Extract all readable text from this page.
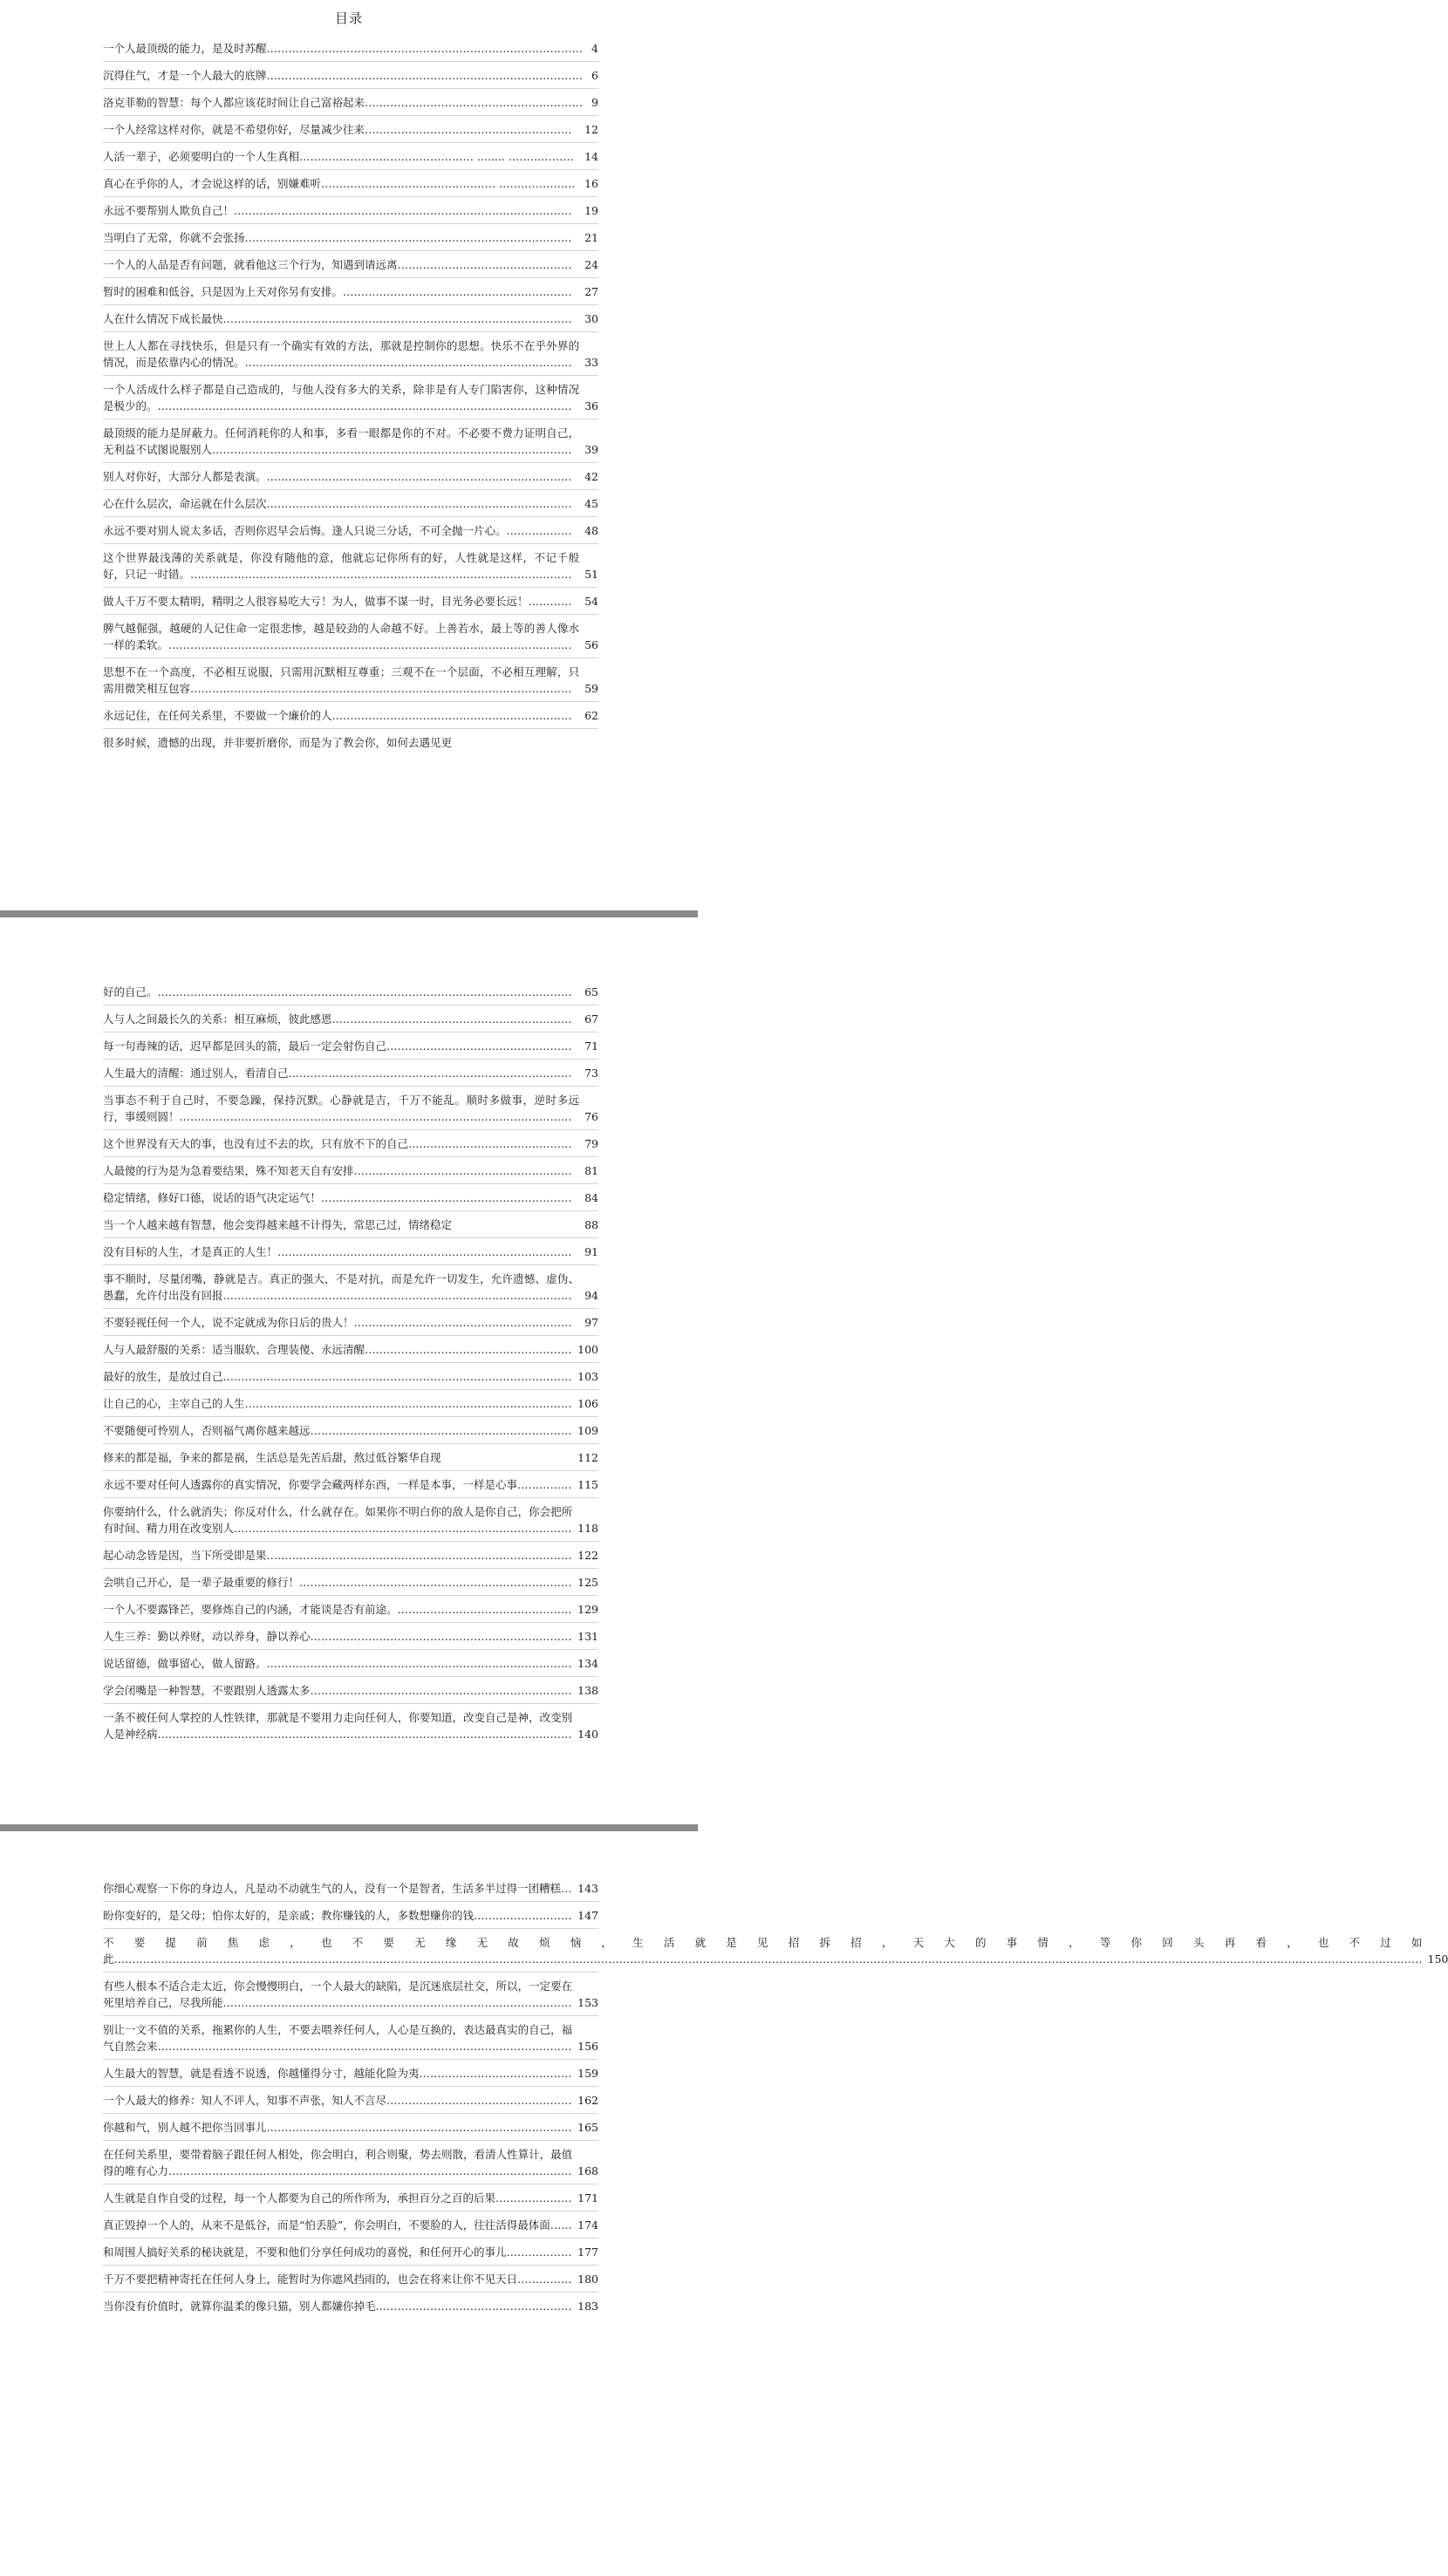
目录
一个人最顶级的能力，是及时苏醒…………………………………………………………………………… 4
沉得住气，才是一个人最大的底牌…………………………………………………………………………… 6
洛克菲勒的智慧：每个人都应该花时间让自己富裕起来…………………………………………………… 9
一个人经常这样对你，就是不希望你好，尽量减少往来…………………………………………………	12
人活一辈子，必须要明白的一个人生真相………………………………………… ........ ……………… 14
真心在乎你的人，才会说这样的话，别嫌难听………………………………………… ………………… 16
永远不要帮别人欺负自己！…………………………………………………………………………………	19
当明白了无常，你就不会张扬………………………………………………………………………………	21
一个人的人品是否有问题，就看他这三个行为，知遇到请远离…………………………………………	24
暂时的困难和低谷，只是因为上天对你另有安排。………………………………………………………	27
人在什么情况下成长最快……………………………………………………………………………………	30
世上人人都在寻找快乐，但是只有一个确实有效的方法，那就是控制你的思想。快乐不在乎外界的情况，而是依靠内心的情况。………………………………………………………………………………	33
一个人活成什么样子都是自己造成的，与他人没有多大的关系，除非是有人专门陷害你，这种情况是极少的。……………………………………………………………………………………………………	36
最顶级的能力是屏蔽力。任何消耗你的人和事，多看一眼都是你的不对。不必要不费力证明自己，无利益不试图说服别人………………………………………………………………………………………	39
别人对你好，大部分人都是表演。…………………………………………………………………………	42
心在什么层次，命运就在什么层次…………………………………………………………………………	45
永远不要对别人说太多话，否则你迟早会后悔。逢人只说三分话，不可全抛一片心。………………	48
这个世界最浅薄的关系就是，你没有随他的意，他就忘记你所有的好，人性就是这样，不记千般好，只记一时错。……………………………………………………………………………………………	51
做人千万不要太精明，精明之人很容易吃大亏！为人，做事不谋一时，目光务必要长远！…………	54
脾气越倔强，越硬的人记住命一定很悲惨，越是较劲的人命越不好。上善若水，最上等的善人像水一样的柔软。…………………………………………………………………………………………………	56
思想不在一个高度，不必相互说服，只需用沉默相互尊重；三观不在一个层面，不必相互理解，只需用微笑相互包容……………………………………………………………………………………………	59
永远记住，在任何关系里，不要做一个廉价的人…………………………………………………………	62
很多时候，遗憾的出现，并非要折磨你，而是为了教会你，如何去遇见更
好的自己。……………………………………………………………………………………………………	65
人与人之间最长久的关系：相互麻烦，彼此感恩…………………………………………………………	67
每一句毒辣的话，迟早都是回头的箭，最后一定会射伤自己……………………………………………	71
人生最大的清醒：通过别人，看清自己……………………………………………………………………	73
当事态不利于自己时，不要急躁，保持沉默。心静就是吉，千万不能乱。顺时多做事，逆时多远行，事缓则圆！………………………………………………………………………………………………	76
这个世界没有天大的事，也没有过不去的坎，只有放不下的自己………………………………………	79
人最傻的行为是为急着要结果，殊不知老天自有安排……………………………………………………	81
稳定情绪，修好口德，说话的语气决定运气！……………………………………………………………	84
当一个人越来越有智慧，他会变得越来越不计得失，常思己过，情绪稳定	88
没有目标的人生，才是真正的人生！………………………………………………………………………	91
事不顺时，尽量闭嘴，静就是吉。真正的强大，不是对抗，而是允许一切发生，允许遗憾、虚伪、愚蠢，允许付出没有回报……………………………………………………………………………………	94
不要轻视任何一个人，说不定就成为你日后的贵人！……………………………………………………	97
人与人最舒服的关系：适当服软、合理装傻、永远清醒………………………………………………… 100
最好的放生，是放过自己…………………………………………………………………………………… 103
让自己的心，主宰自己的人生……………………………………………………………………………… 106
不要随便可怜别人，否则福气离你越来越远……………………………………………………………… 109
修来的都是福，争来的都是祸，生活总是先苦后甜，熬过低谷繁华自现	112
永远不要对任何人透露你的真实情况，你要学会藏两样东西，一样是本事，一样是心事…………… 115
你要纳什么，什么就消失；你反对什么，什么就存在。如果你不明白你的敌人是你自己，你会把所有时间、精力用在改变别人………………………………………………………………………………… 118
起心动念皆是因，当下所受即是果………………………………………………………………………… 122
会哄自己开心，是一辈子最重要的修行！………………………………………………………………… 125
一个人不要露锋芒，要修炼自己的内涵，才能谈是否有前途。………………………………………… 129
人生三养：勤以养财，动以养身，静以养心……………………………………………………………… 131
说话留德，做事留心，做人留路。………………………………………………………………………… 134
学会闭嘴是一种智慧，不要跟别人透露太多……………………………………………………………… 138
一条不被任何人掌控的人性铁律，那就是不要用力走向任何人，你要知道，改变自己是神，改变别人是神经病…………………………………………………………………………………………………… 140
你细心观察一下你的身边人，凡是动不动就生气的人，没有一个是智者，生活多半过得一团糟糕… 143
盼你变好的，是父母；怕你太好的，是亲戚；教你赚钱的人，多数想赚你的钱……………………… 147
不要提前焦虑，也不要无缘无故烦恼，生活就是见招拆招，天大的事情，等你回头再看，也不过如此……………………………………………………………………………………………………………………………………………………………………………………………………………………………………………………………………………………………………………………………… 150
有些人根本不适合走太近，你会慢慢明白，一个人最大的缺陷，是沉迷底层社交，所以，一定要在死里培养自己，尽我所能…………………………………………………………………………………… 153
别让一文不值的关系，拖累你的人生，不要去喂养任何人，人心是互换的，表达最真实的自己，福气自然会来…………………………………………………………………………………………………… 156
人生最大的智慧，就是看透不说透，你越懂得分寸，越能化险为夷…………………………………… 159
一个人最大的修养：知人不评人，知事不声张，知人不言尽…………………………………………… 162
你越和气，别人越不把你当回事儿………………………………………………………………………… 165
在任何关系里，要带着脑子跟任何人相处，你会明白，利合则聚，势去则散，看清人性算计，最值得的唯有心力………………………………………………………………………………………………… 168
人生就是自作自受的过程，每一个人都要为自己的所作所为，承担百分之百的后果………………… 171
真正毁掉一个人的，从来不是低谷，而是“怕丢脸”，你会明白，不要脸的人，往往活得最体面…… 174
和周围人搞好关系的秘诀就是，不要和他们分享任何成功的喜悦，和任何开心的事儿……………… 177
千万不要把精神寄托在任何人身上，能暂时为你遮风挡雨的，也会在将来让你不见天日…………… 180
当你没有价值时，就算你温柔的像只猫，别人都嫌你掉毛……………………………………………… 183
